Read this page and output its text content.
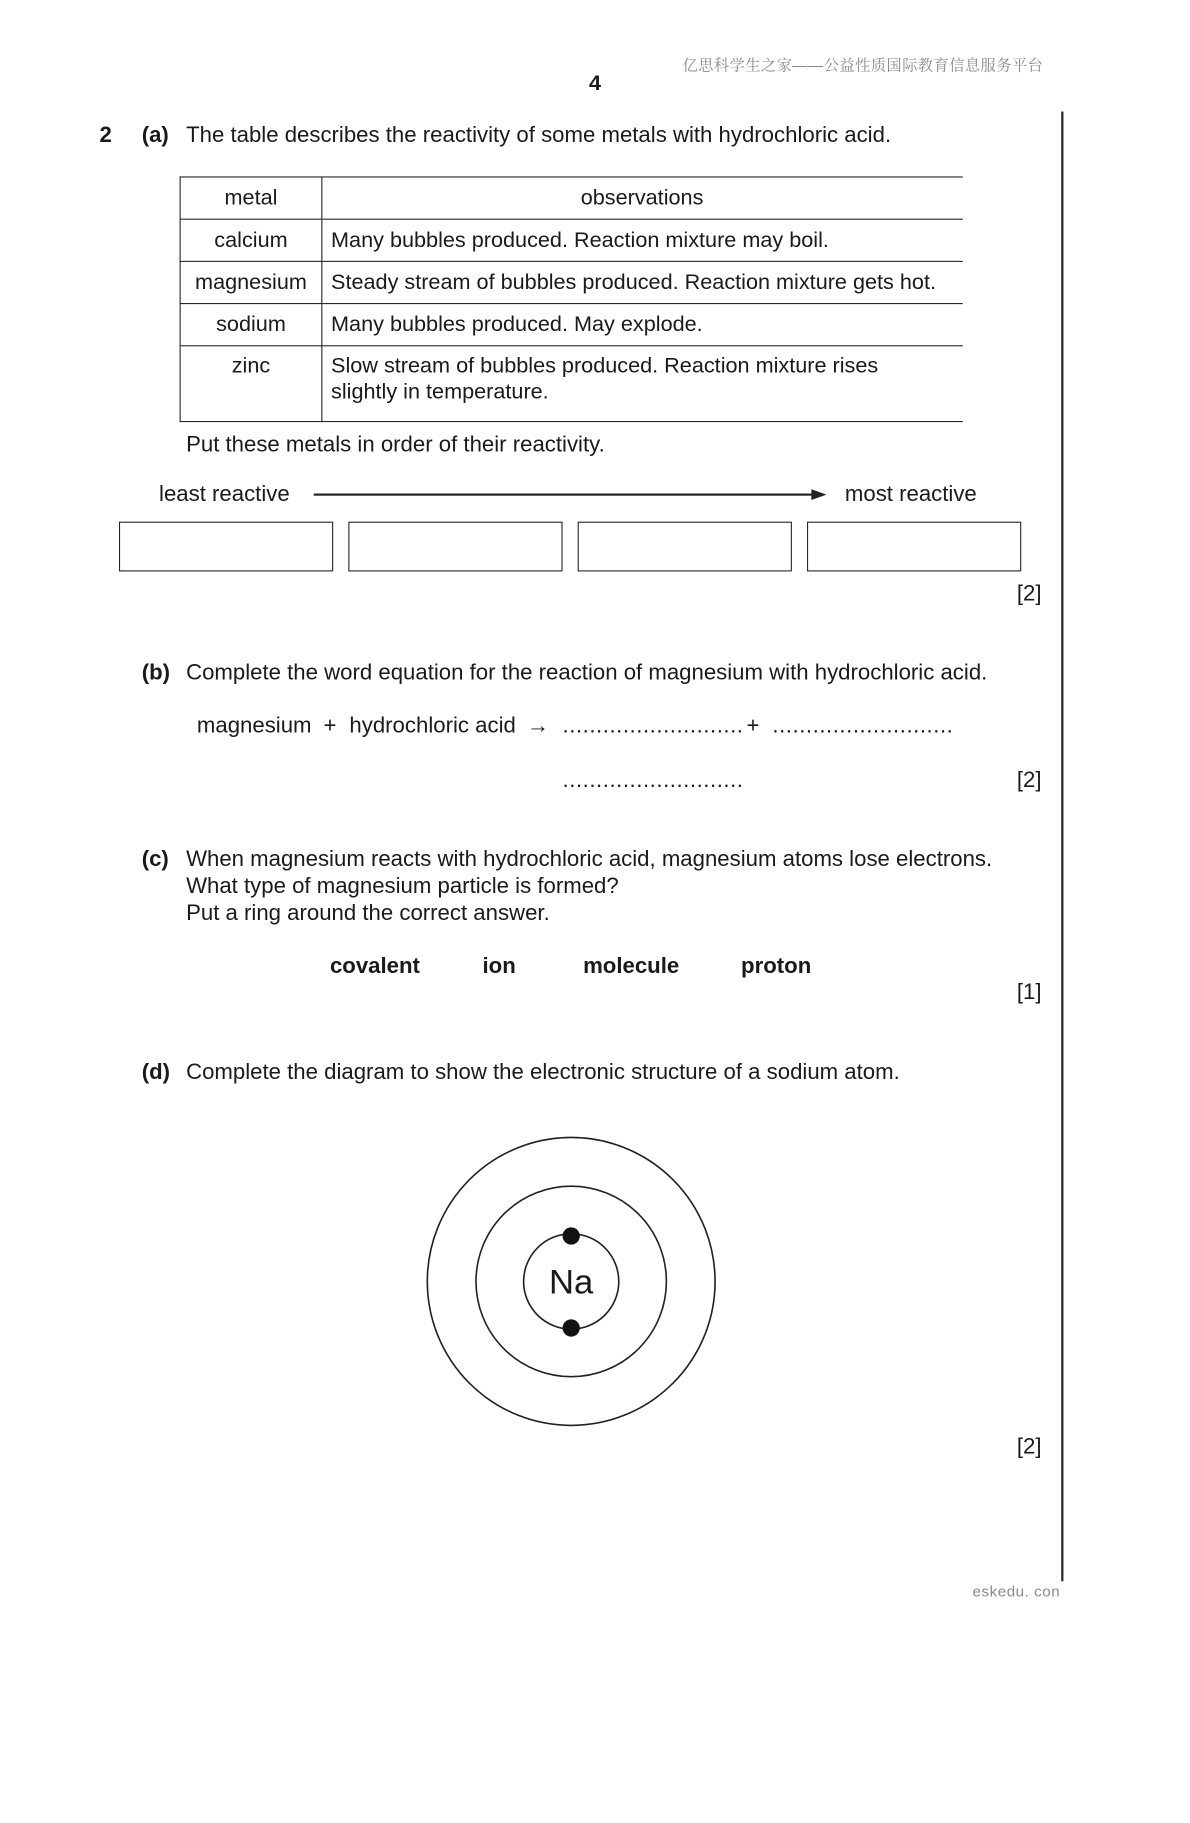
亿思科学生之家——公益性质国际教育信息服务平台
4
2 (a) The table describes the reactivity of some metals with hydrochloric acid.
metal	observations
calcium	Many bubbles produced. Reaction mixture may boil.
magnesium	Steady stream of bubbles produced. Reaction mixture gets hot.
sodium	Many bubbles produced. May explode.
zinc	Slow stream of bubbles produced. Reaction mixture rises
slightly in temperature.
Put these metals in order of their reactivity.
least reactive	most reactive
[2]
(b) Complete the word equation for the reaction of magnesium with hydrochloric acid.
magnesium + hydrochloric acid → ........................... + ...........................
...........................	[2]
(c) When magnesium reacts with hydrochloric acid, magnesium atoms lose electrons.
What type of magnesium particle is formed?
Put a ring around the correct answer.
covalent	ion	molecule	proton
[1]
(d) Complete the diagram to show the electronic structure of a sodium atom.
Na
[2]
eskedu. con
